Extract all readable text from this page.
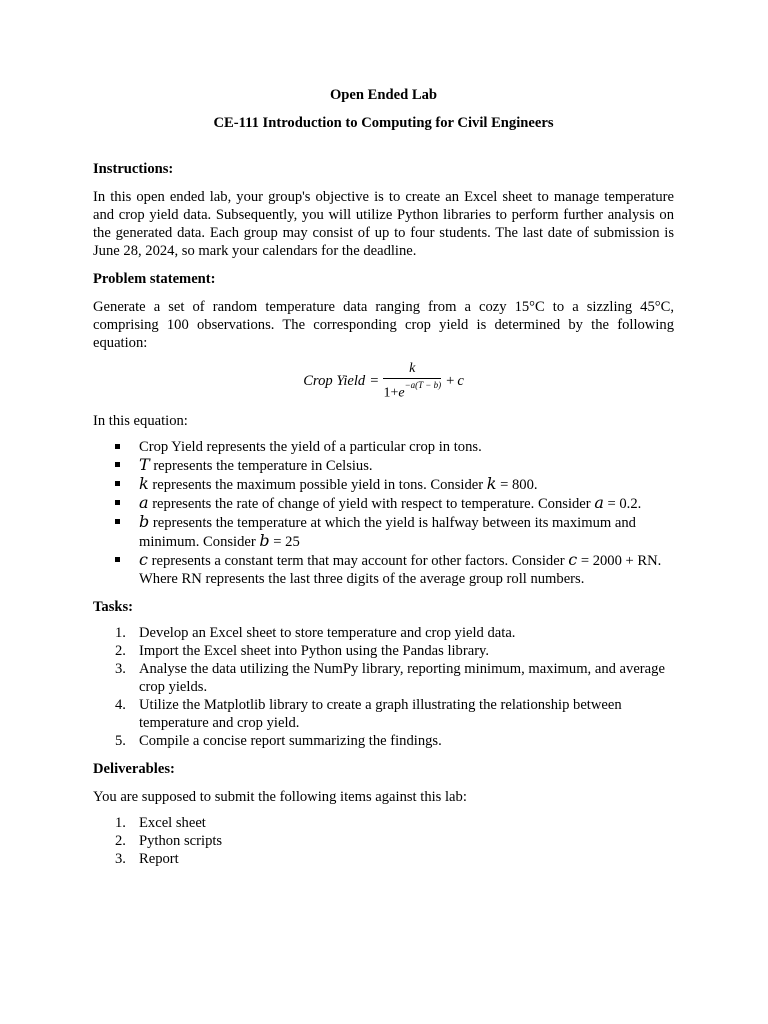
Open Ended Lab

CE-111 Introduction to Computing for Civil Engineers

Instructions:

In this open ended lab, your group's objective is to create an Excel sheet to manage temperature and crop yield data. Subsequently, you will utilize Python libraries to perform further analysis on the generated data. Each group may consist of up to four students. The last date of submission is June 28, 2024, so mark your calendars for the deadline.

Problem statement:

Generate a set of random temperature data ranging from a cozy 15°C to a sizzling 45°C, comprising 100 observations. The corresponding crop yield is determined by the following equation:

Crop Yield = $\frac{k}{1+e^{-a(T - b)}} + c$

In this equation:

Crop Yield represents the yield of a particular crop in tons.
T represents the temperature in Celsius.
k represents the maximum possible yield in tons. Consider k = 800.
a represents the rate of change of yield with respect to temperature. Consider a = 0.2.
b represents the temperature at which the yield is halfway between its maximum and minimum. Consider b = 25
c represents a constant term that may account for other factors. Consider c = 2000 + RN. Where RN represents the last three digits of the average group roll numbers.

Tasks:

1. Develop an Excel sheet to store temperature and crop yield data.
2. Import the Excel sheet into Python using the Pandas library.
3. Analyse the data utilizing the NumPy library, reporting minimum, maximum, and average crop yields.
4. Utilize the Matplotlib library to create a graph illustrating the relationship between temperature and crop yield.
5. Compile a concise report summarizing the findings.

Deliverables:

You are supposed to submit the following items against this lab:

1. Excel sheet
2. Python scripts
3. Report
